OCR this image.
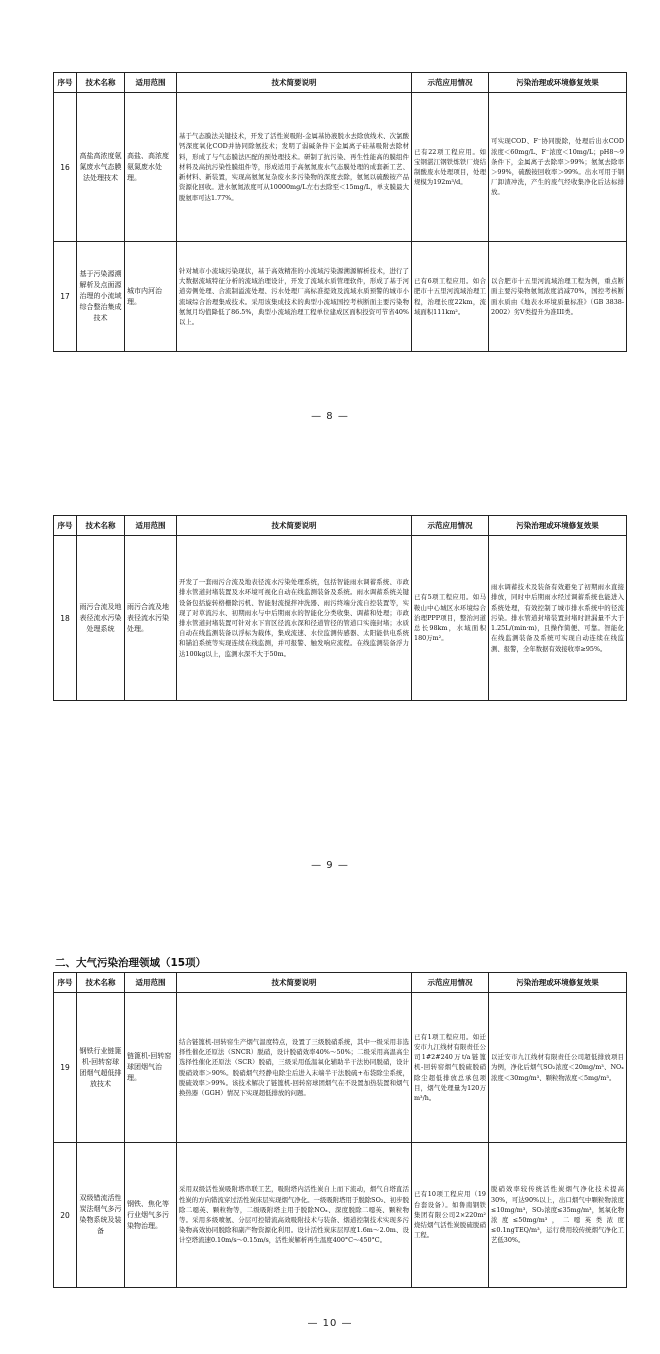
序号	技术名称	适用范围	技术简要说明	示范应用情况	污染治理或环境修复效果
16	高盐高浓度氨氮废水气态膜法处理技术	高盐、高浓度氨氮废水处理。	基于气态膜法关键技术，开发了活性炭吸附-金属基协液脱水去除放线术、次氯酸钙深度氧化COD并协同除氨技术；发明了弱碱条件下金属离子硅基吸附去除材料，形成了与气态膜法匹配的预处理技术。研制了抗污染、再生性能高的膜组件材料及高抗污染性膜组件等，形成适用于高氨氮废水气态膜处理的成套新工艺、新材料、新装置，实现高氨氮复杂废水多污染物的深度去除，氨氮以硫酸铵产品资源化回收。进水氨氮浓度可从10000mg/L左右去除至＜15mg/L，单支膜最大脱氨率可达1.77%。	已有22项工程应用。如宝钢湛江钢铁炼铁厂烧结制酸废水处理项目，处理规模为192m³/d。	可实现COD、F⁻协同脱除，处理后出水COD浓度＜60mg/L、F⁻浓度＜10mg/L；pH8～9条件下，金属离子去除率＞99%；氨氮去除率＞99%，硫酸铵回收率＞99%。出水可用于钢厂卸渣冲洗，产生的废气经收集净化后达标排放。
17	基于污染源溯解析及点面源治理的小流域综合整治集成技术	城市内河治理。	针对城市小流域污染现状，基于高效精准的小流域污染源溯源解析技术，进行了大数据流域特征分析的流域治理设计，开发了流域水质管理软件，形成了基于河道旁侧处理、合流制溢流处理、污水处理厂高标准提效及流域水质预警的城市小流域综合治理集成技术。采用该集成技术的典型小流域国控考核断面主要污染物氨氮月均值降低了86.5%，典型小流域治理工程单位建成区面积投资可节省40%以上。	已有6项工程应用。如合肥市十五里河流域治理工程，治理长度22km，流域面积111km²。	以合肥市十五里河流域治理工程为例，重点断面主要污染物氨氮浓度消减70%，国控考核断面水质由《地表水环境质量标准》（GB 3838-2002）劣V类提升为准III类。
— 8 —
序号	技术名称	适用范围	技术简要说明	示范应用情况	污染治理或环境修复效果
18	雨污合流及地表径流水污染处理系统	雨污合流及地表径流水污染处理。	开发了一套雨污合流及地表径流水污染处理系统，包括智能雨水调蓄系统、市政排水管道封堵装置及水环境可视化自动在线监测装备及系统。雨水调蓄系统关键设备包括旋转格栅除污机、智能射流搅拌冲洗器、雨污终端分流自控装置等，实现了对草流污水、初期雨水与中后期雨水的智能化分类收集、调蓄和处理；市政排水管道封堵装置可针对水下盲区径流水深和径道管径的管道口实施封堵；水质自动在线监测装备以浮标为载体，集成流速、水位监测传感器、太阳能供电系统和锚泊系统等实现连续在线监测，并可报警、触发响应流程。在线监测装备浮力达100kg以上，监测水深不大于50m。	已有5项工程应用。如马鞍山中心城区水环境综合治理PPP项目，整治河道总长98km，水域面积180万m²。	雨水调蓄技术及装备有效避免了初期雨水直接排放，同时中后期雨水经过调蓄系统也能进入系统处理，有效控制了城市排水系统中的径流污染。排水管道封堵装置封堵时泄漏量不大于1.25L/(min·m)，且操作简便、可靠。智能化在线监测装备及系统可实现自动连续在线监测、报警，全年数据有效接收率≥95%。
— 9 —
二、大气污染治理领域（15项）
序号	技术名称	适用范围	技术简要说明	示范应用情况	污染治理或环境修复效果
19	钢铁行业链篦机-回转窑球团烟气超低排放技术	链篦机-回转窑球团烟气治理。	结合链篦机-回转窑生产烟气温度特点，设置了三级脱硝系统，其中一级采用非选择性催化还原法（SNCR）脱硝，设计脱硝效率40%～50%；二级采用高温高尘选择性催化还原法（SCR）脱硝，三级采用低温氧化辅助半干法协同脱硝，设计脱硝效率＞90%。脱硝烟气经静电除尘后进入末端半干法脱硫+布袋除尘系统，脱硫效率＞99%。该技术解决了链篦机-回转窑球团烟气在不设置加热装置和烟气换热器（GGH）情况下实现超低排放的问题。	已有1项工程应用。如迁安市九江线材有限责任公司1#2#240万t/a链篦机-回转窑烟气脱硫脱硝除尘超低排放总承包项目，烟气处理量为120万m³/h。	以迁安市九江线材有限责任公司超低排放项目为例，净化后烟气SO₂浓度＜20mg/m³、NOₓ浓度＜30mg/m³、颗粒物浓度＜5mg/m³。
20	双级错流活性炭法烟气多污染物系统及装备	钢铁、焦化等行业烟气多污染物治理。	采用双级活性炭吸附塔串联工艺，吸附塔内活性炭自上而下流动，烟气自塔直活性炭的方向错流穿过活性炭床层实现烟气净化。一级吸附塔用于脱除SO₂、初步脱除二噁英、颗粒物等，二级吸附塔主用于脱除NOₓ、深度脱除二噁英、颗粒物等。采用多级喷氨、分层可控错流高效吸附技术与装备、烟道控制技术实现多污染物高效协同脱除和副产物资源化利用。设计活性炭床层厚度1.6m～2.0m、设计空塔流速0.10m/s～0.15m/s，活性炭解析再生温度400°C～450°C。	已有10项工程应用（19台套设备）。如鲁南钢铁集团有限公司2×220m²烧结烟气活性炭脱硫脱硝工程。	脱硝效率较传统活性炭烟气净化技术提高30%，可达90%以上，出口烟气中颗粒物浓度≤10mg/m³，SO₂浓度≤35mg/m³，氮氧化物浓度≤50mg/m³，二噁英类浓度≤0.1ngTEQ/m³，运行费用较传统烟气净化工艺低30%。
— 10 —
